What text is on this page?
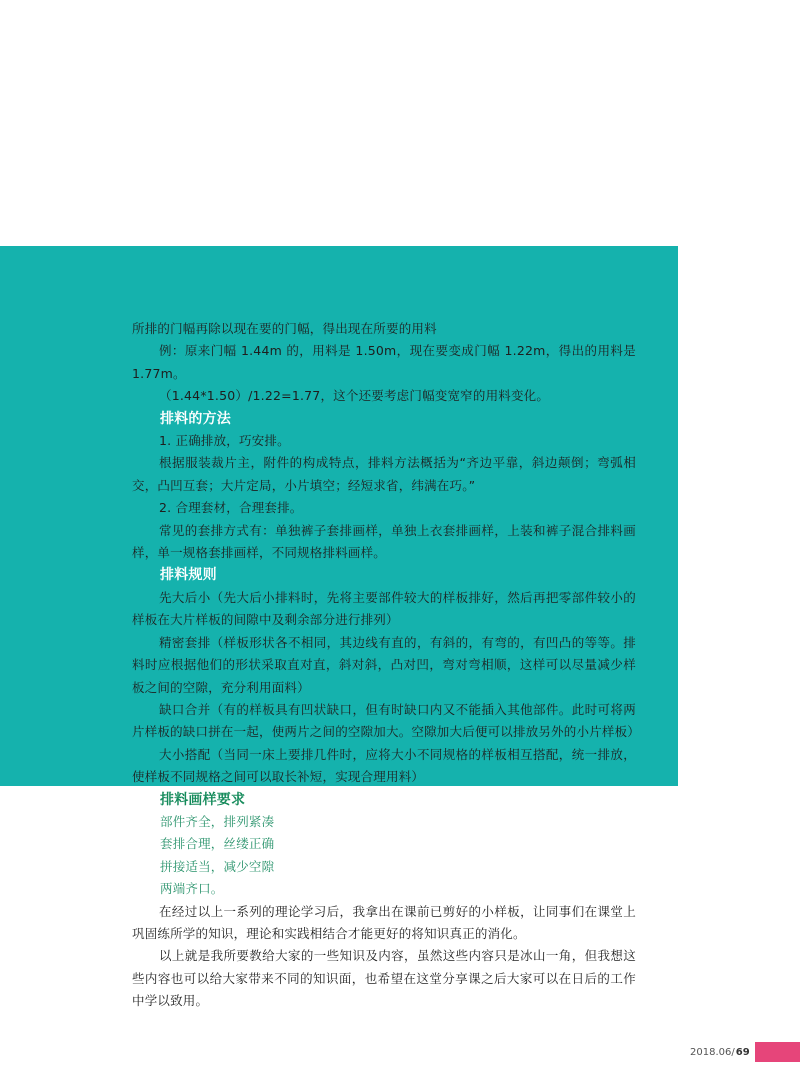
所排的门幅再除以现在要的门幅，得出现在所要的用料

例：原来门幅 1.44m 的，用料是 1.50m，现在要变成门幅 1.22m，得出的用料是 1.77m。

（1.44*1.50）/1.22=1.77，这个还要考虑门幅变宽窄的用料变化。

排料的方法

1. 正确排放，巧安排。

根据服装裁片主，附件的构成特点，排料方法概括为“齐边平靠，斜边颠倒；弯弧相交，凸凹互套；大片定局，小片填空；经短求省，纬满在巧。”

2. 合理套材，合理套排。

常见的套排方式有：单独裤子套排画样，单独上衣套排画样，上装和裤子混合排料画样，单一规格套排画样，不同规格排料画样。

排料规则

先大后小（先大后小排料时，先将主要部件较大的样板排好，然后再把零部件较小的样板在大片样板的间隙中及剩余部分进行排列）

精密套排（样板形状各不相同，其边线有直的，有斜的，有弯的，有凹凸的等等。排料时应根据他们的形状采取直对直，斜对斜，凸对凹，弯对弯相顺，这样可以尽量减少样板之间的空隙，充分利用面料）

缺口合并（有的样板具有凹状缺口，但有时缺口内又不能插入其他部件。此时可将两片样板的缺口拼在一起，使两片之间的空隙加大。空隙加大后便可以排放另外的小片样板）

大小搭配（当同一床上要排几件时，应将大小不同规格的样板相互搭配，统一排放，使样板不同规格之间可以取长补短，实现合理用料）

排料画样要求

部件齐全，排列紧凑

套排合理，丝缕正确

拼接适当，减少空隙

两端齐口。

在经过以上一系列的理论学习后，我拿出在课前已剪好的小样板，让同事们在课堂上巩固练所学的知识，理论和实践相结合才能更好的将知识真正的消化。

以上就是我所要教给大家的一些知识及内容，虽然这些内容只是冰山一角，但我想这些内容也可以给大家带来不同的知识面，也希望在这堂分享课之后大家可以在日后的工作中学以致用。

2018.06 / 69
